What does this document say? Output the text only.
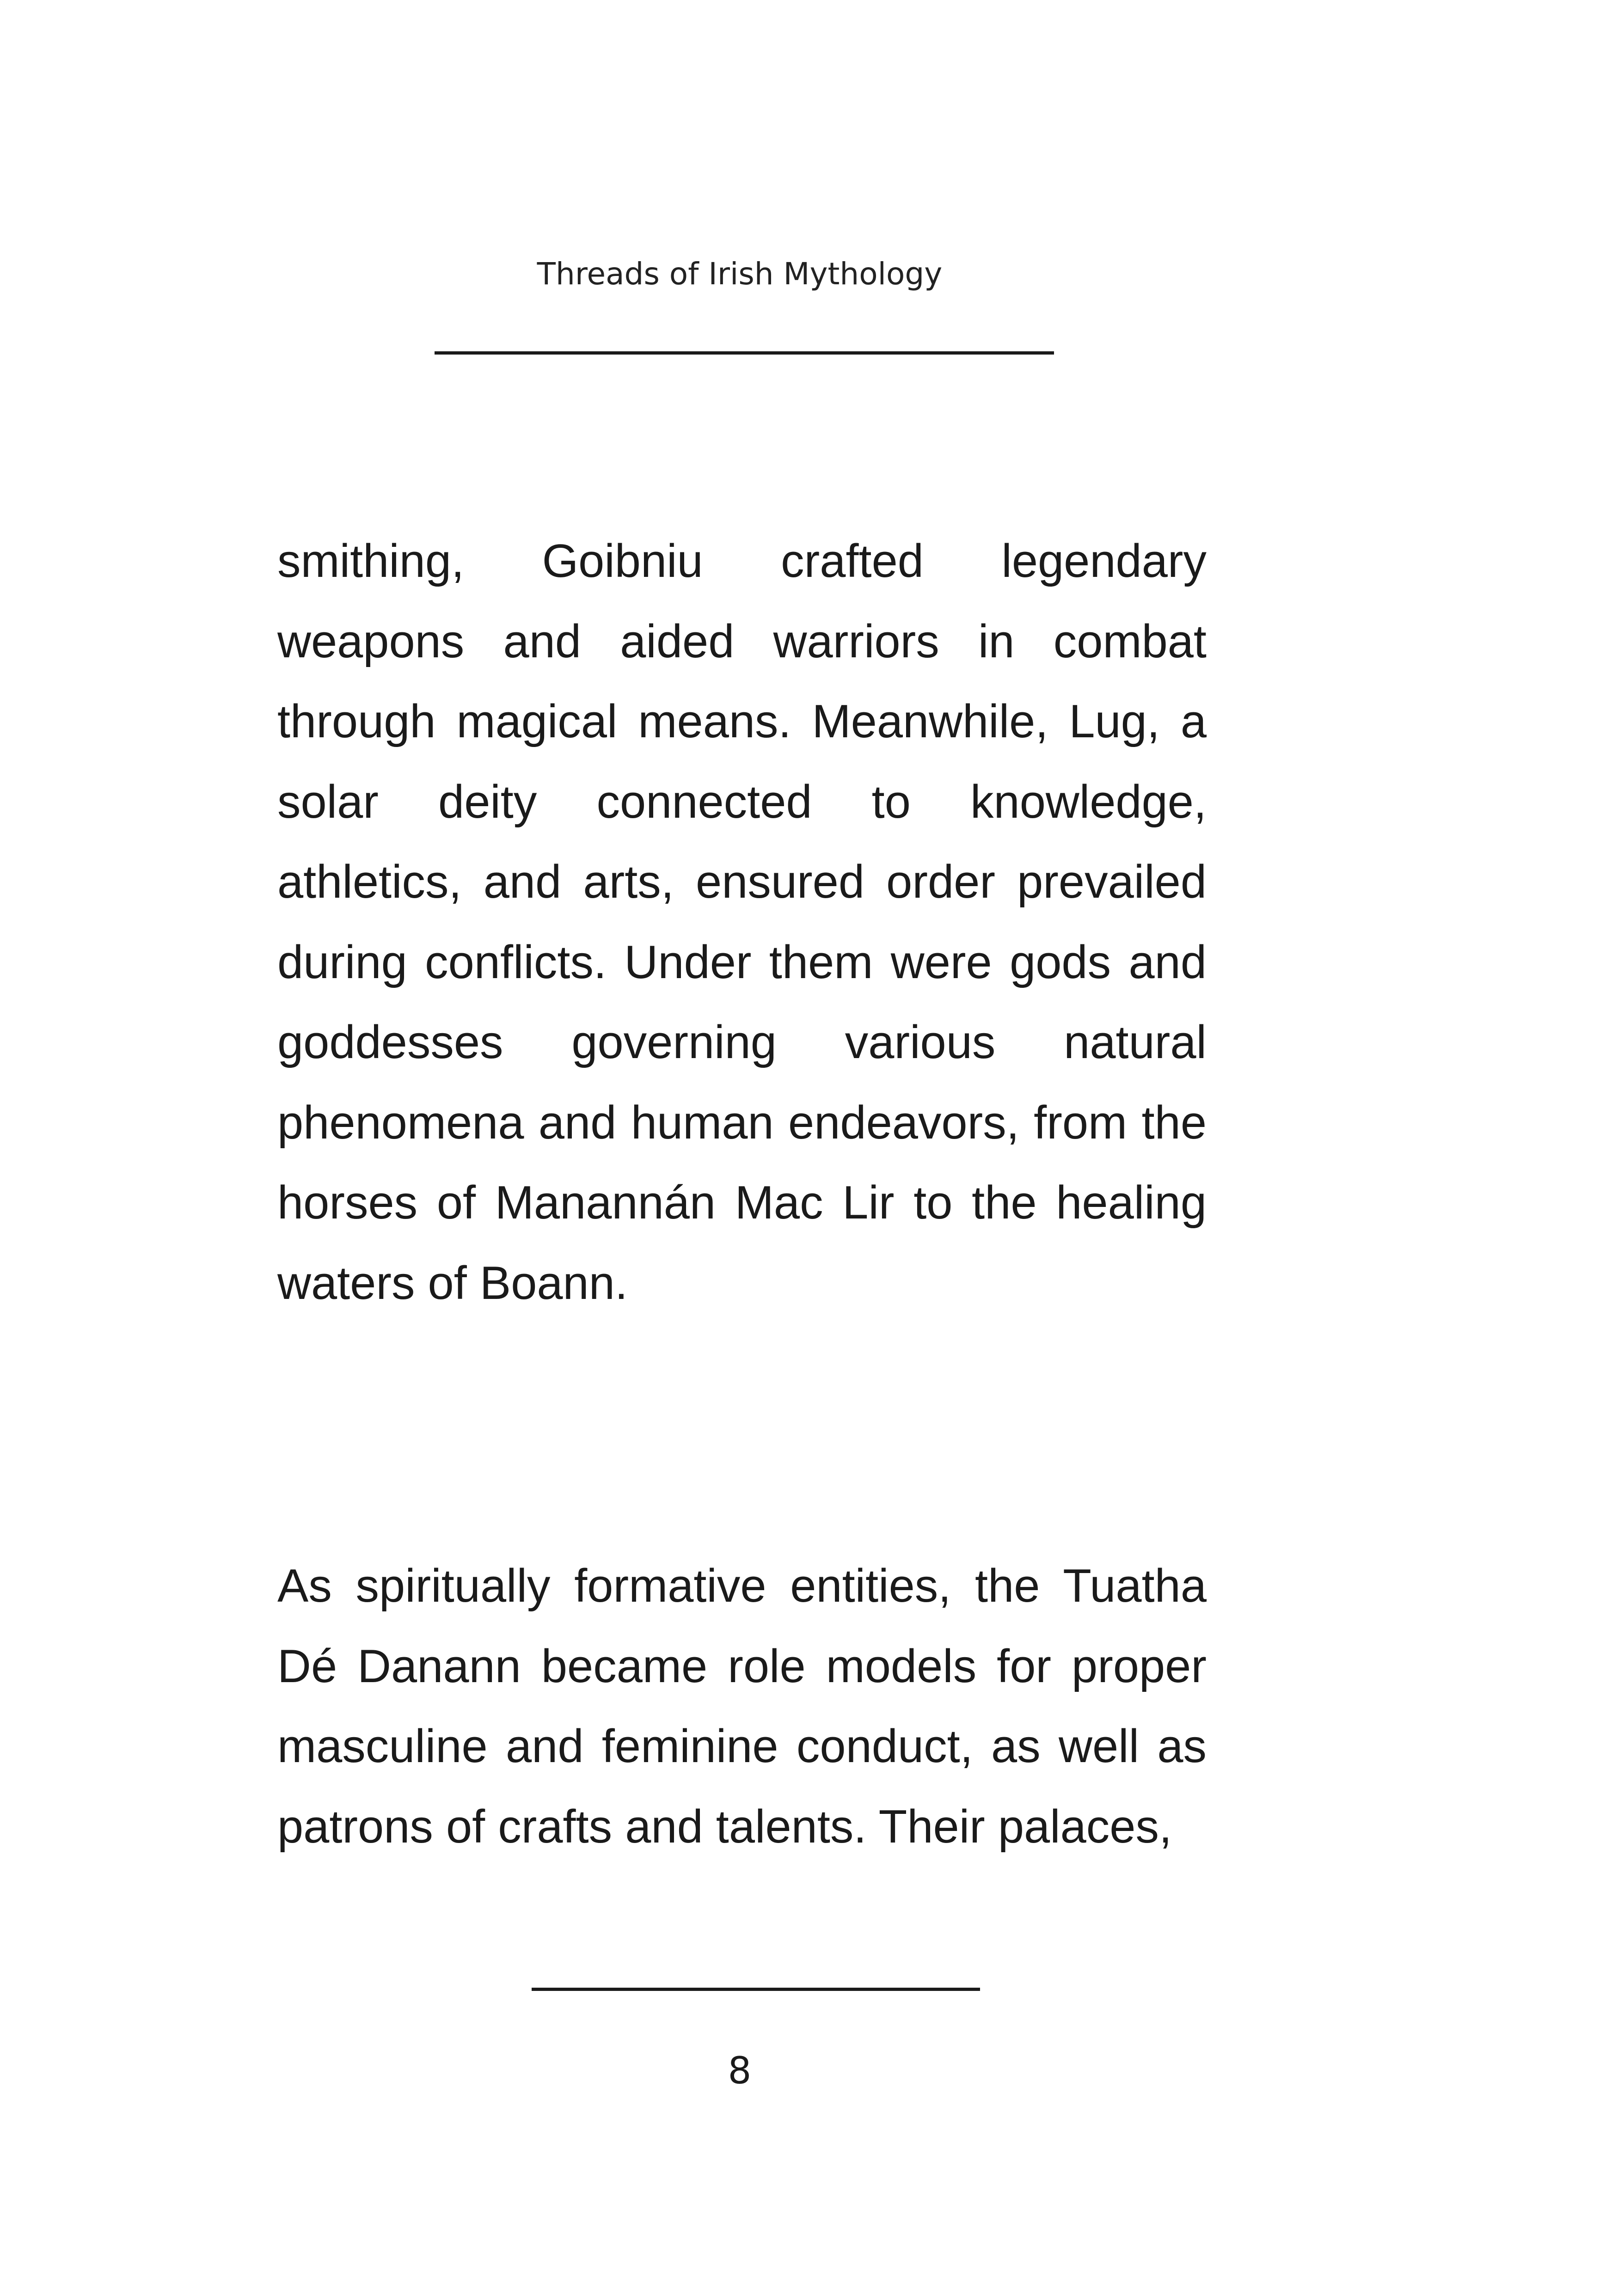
Threads of Irish Mythology

smithing, Goibniu crafted legendary weapons and aided warriors in combat through magical means. Meanwhile, Lug, a solar deity connected to knowledge, athletics, and arts, ensured order prevailed during conflicts. Under them were gods and goddesses governing various natural phenomena and human endeavors, from the horses of Manannán Mac Lir to the healing waters of Boann.

As spiritually formative entities, the Tuatha Dé Danann became role models for proper masculine and feminine conduct, as well as patrons of crafts and talents. Their palaces,

8
